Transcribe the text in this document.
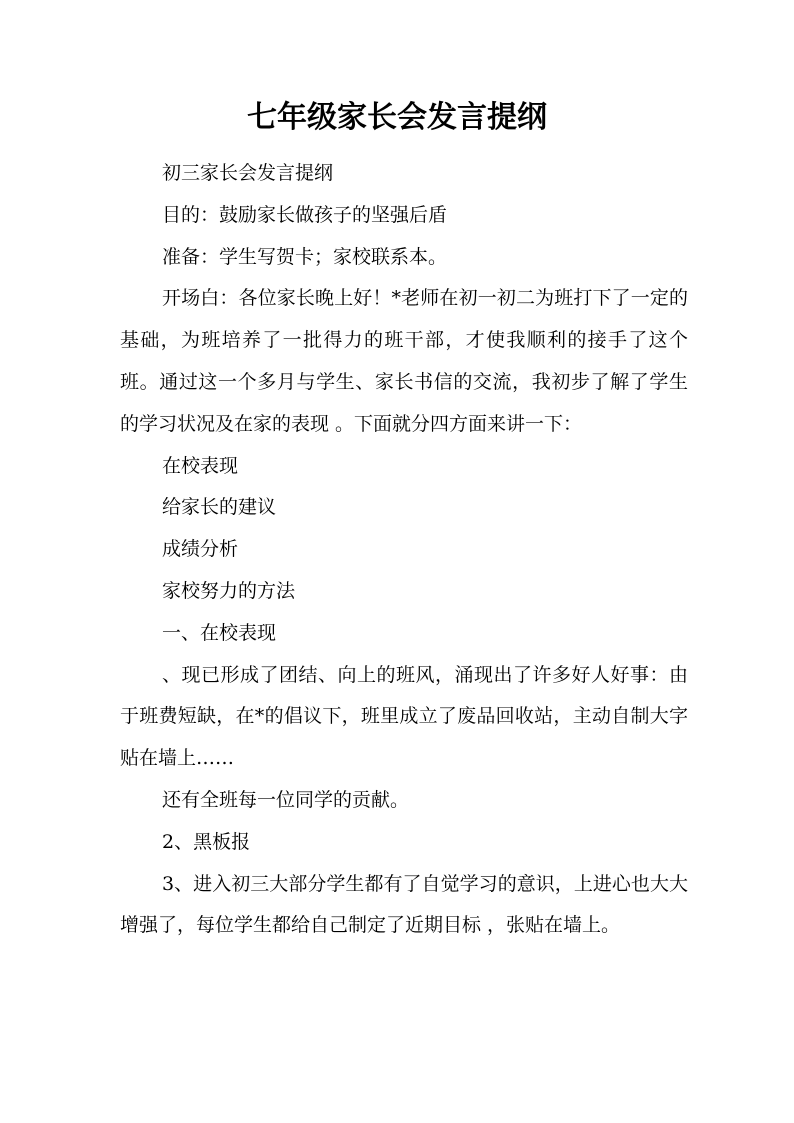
七年级家长会发言提纲

初三家长会发言提纲

目的：鼓励家长做孩子的坚强后盾

准备：学生写贺卡；家校联系本。

开场白：各位家长晚上好！*老师在初一初二为班打下了一定的基础，为班培养了一批得力的班干部，才使我顺利的接手了这个班。通过这一个多月与学生、家长书信的交流，我初步了解了学生的学习状况及在家的表现 。下面就分四方面来讲一下：

在校表现

给家长的建议

成绩分析

家校努力的方法

一、在校表现

、现已形成了团结、向上的班风，涌现出了许多好人好事：由于班费短缺，在*的倡议下，班里成立了废品回收站，主动自制大字贴在墙上……

还有全班每一位同学的贡献。

2、黑板报

3、进入初三大部分学生都有了自觉学习的意识，上进心也大大增强了，每位学生都给自己制定了近期目标 ，张贴在墙上。
